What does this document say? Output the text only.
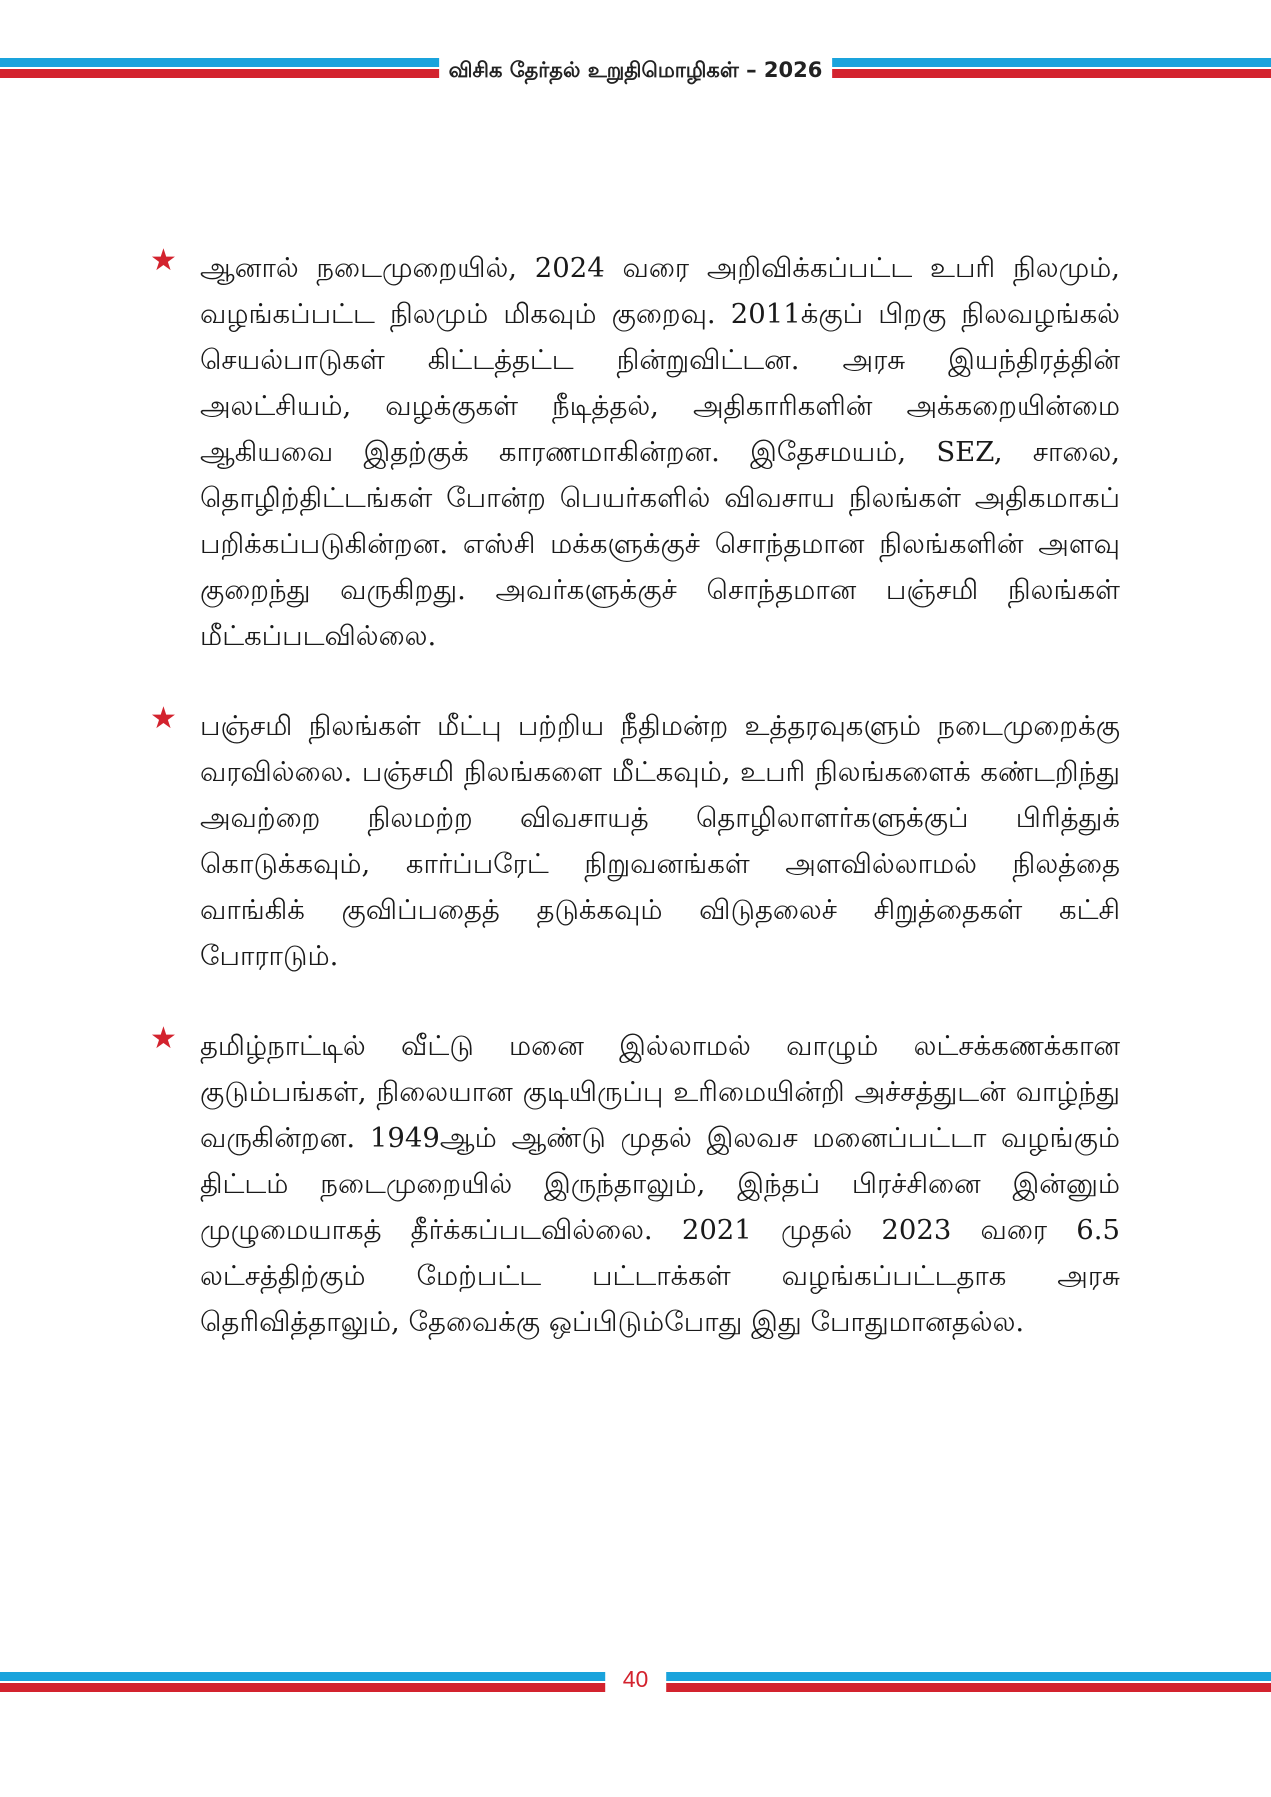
விசிக தேர்தல் உறுதிமொழிகள் – 2026
★ ஆனால் நடைமுறையில், 2024 வரை அறிவிக்கப்பட்ட உபரி நிலமும், வழங்கப்பட்ட நிலமும் மிகவும் குறைவு. 2011க்குப் பிறகு நிலவழங்கல் செயல்பாடுகள் கிட்டத்தட்ட நின்றுவிட்டன. அரசு இயந்திரத்தின் அலட்சியம், வழக்குகள் நீடித்தல், அதிகாரிகளின் அக்கறையின்மை ஆகியவை இதற்குக் காரணமாகின்றன. இதேசமயம், SEZ, சாலை, தொழிற்திட்டங்கள் போன்ற பெயர்களில் விவசாய நிலங்கள் அதிகமாகப் பறிக்கப்படுகின்றன. எஸ்சி மக்களுக்குச் சொந்தமான நிலங்களின் அளவு குறைந்து வருகிறது. அவர்களுக்குச் சொந்தமான பஞ்சமி நிலங்கள் மீட்கப்படவில்லை.

★ பஞ்சமி நிலங்கள் மீட்பு பற்றிய நீதிமன்ற உத்தரவுகளும் நடைமுறைக்கு வரவில்லை. பஞ்சமி நிலங்களை மீட்கவும், உபரி நிலங்களைக் கண்டறிந்து அவற்றை நிலமற்ற விவசாயத் தொழிலாளர்களுக்குப் பிரித்துக் கொடுக்கவும், கார்ப்பரேட் நிறுவனங்கள் அளவில்லாமல் நிலத்தை வாங்கிக் குவிப்பதைத் தடுக்கவும் விடுதலைச் சிறுத்தைகள் கட்சி போராடும்.

★ தமிழ்நாட்டில் வீட்டு மனை இல்லாமல் வாழும் லட்சக்கணக்கான குடும்பங்கள், நிலையான குடியிருப்பு உரிமையின்றி அச்சத்துடன் வாழ்ந்து வருகின்றன. 1949ஆம் ஆண்டு முதல் இலவச மனைப்பட்டா வழங்கும் திட்டம் நடைமுறையில் இருந்தாலும், இந்தப் பிரச்சினை இன்னும் முழுமையாகத் தீர்க்கப்படவில்லை. 2021 முதல் 2023 வரை 6.5 லட்சத்திற்கும் மேற்பட்ட பட்டாக்கள் வழங்கப்பட்டதாக அரசு தெரிவித்தாலும், தேவைக்கு ஒப்பிடும்போது இது போதுமானதல்ல.

40
